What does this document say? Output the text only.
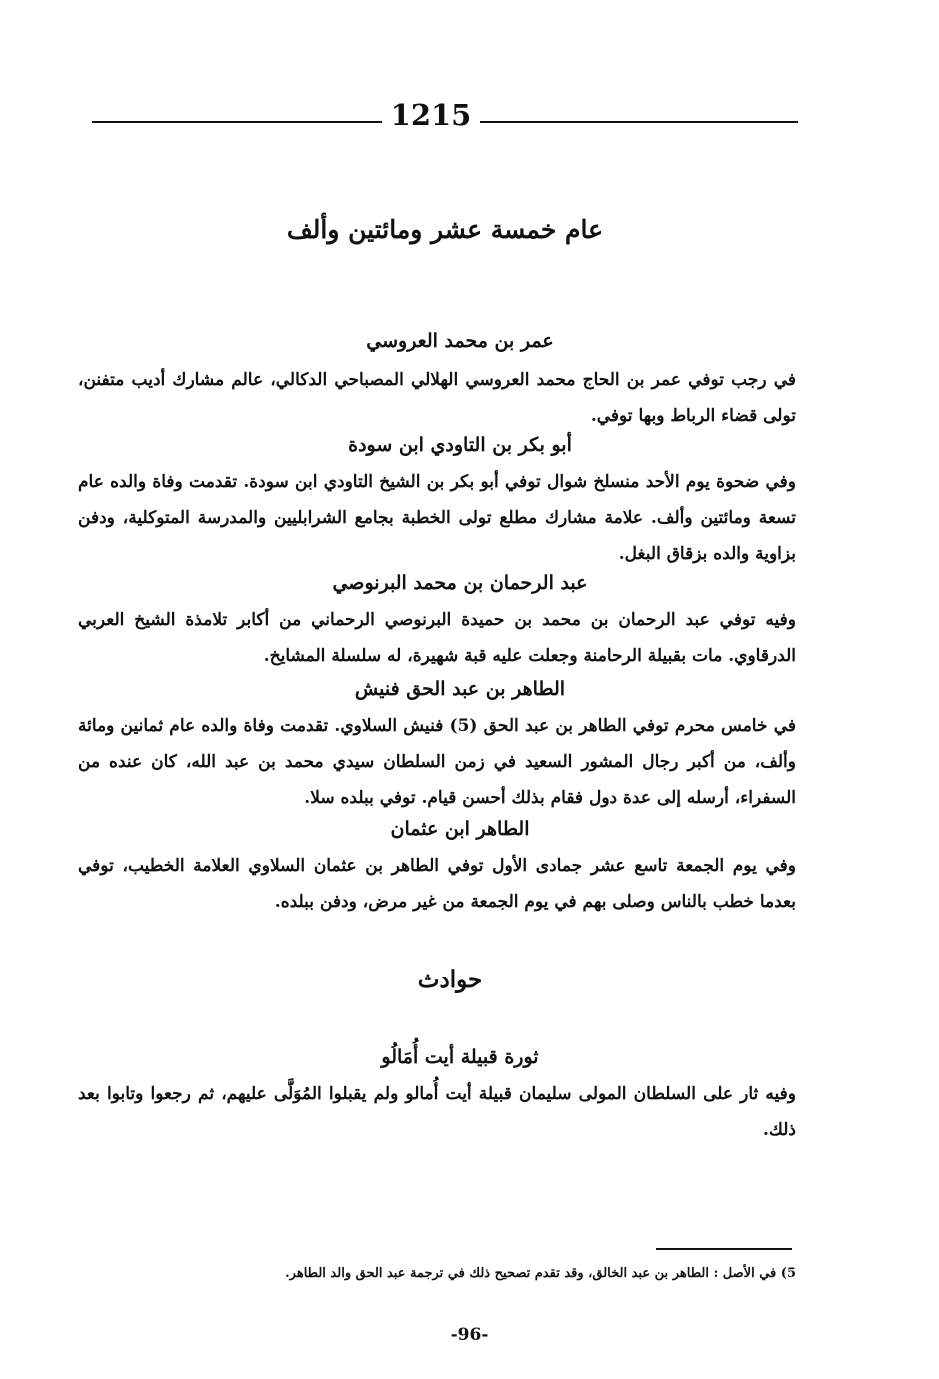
1215
عام خمسة عشر ومائتين وألف
عمر بن محمد العروسي
في رجب توفي عمر بن الحاج محمد العروسي الهلالي المصباحي الدكالي، عالم مشارك أديب متفنن، تولى قضاء الرباط وبها توفي.
أبو بكر بن التاودي ابن سودة
وفي ضحوة يوم الأحد منسلخ شوال توفي أبو بكر بن الشيخ التاودي ابن سودة. تقدمت وفاة والده عام تسعة ومائتين وألف. علامة مشارك مطلع تولى الخطبة بجامع الشرابليين والمدرسة المتوكلية، ودفن بزاوية والده بزقاق البغل.
عبد الرحمان بن محمد البرنوصي
وفيه توفي عبد الرحمان بن محمد بن حميدة البرنوصي الرحماني من أكابر تلامذة الشيخ العربي الدرقاوي. مات بقبيلة الرحامنة وجعلت عليه قبة شهيرة، له سلسلة المشايخ.
الطاهر بن عبد الحق فنيش
في خامس محرم توفي الطاهر بن عبد الحق (5) فنيش السلاوي. تقدمت وفاة والده عام ثمانين ومائة وألف، من أكبر رجال المشور السعيد في زمن السلطان سيدي محمد بن عبد الله، كان عنده من السفراء، أرسله إلى عدة دول فقام بذلك أحسن قيام. توفي ببلده سلا.
الطاهر ابن عثمان
وفي يوم الجمعة تاسع عشر جمادى الأول توفي الطاهر بن عثمان السلاوي العلامة الخطيب، توفي بعدما خطب بالناس وصلى بهم في يوم الجمعة من غير مرض، ودفن ببلده.
حوادث
ثورة قبيلة أيت أُمَالُو
وفيه ثار على السلطان المولى سليمان قبيلة أيت أُمالو ولم يقبلوا المُوَلَّى عليهم، ثم رجعوا وتابوا بعد ذلك.
5) في الأصل : الطاهر بن عبد الخالق، وقد تقدم تصحيح ذلك في ترجمة عبد الحق والد الطاهر.
-96-
